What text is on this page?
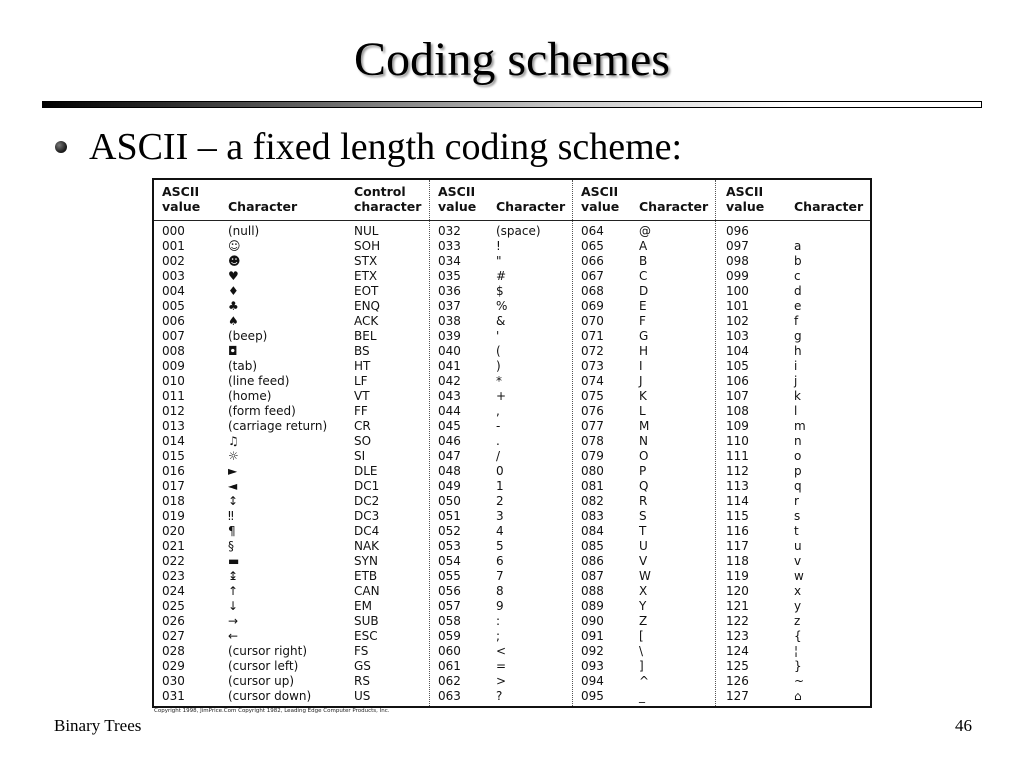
Coding schemes
ASCII – a fixed length coding scheme:
ASCII
value Character
Control
character
000	(null)	NUL
001	☺	SOH
002	☻	STX
003	♥	ETX
004	♦	EOT
005	♣	ENQ
006	♠	ACK
007	(beep)	BEL
008	◘	BS
009	(tab)	HT
010	(line feed)	LF
011	(home)	VT
012	(form feed)	FF
013	(carriage return) CR
014	♫	SO
015	☼	SI
016	►	DLE
017	◄	DC1
018	↕	DC2
019	‼	DC3
020	¶	DC4
021	§	NAK
022	▬	SYN
023	↨	ETB
024	↑	CAN
025	↓	EM
026	→	SUB
027	←	ESC
028	(cursor right)	FS
029	(cursor left)	GS
030	(cursor up)	RS
031	(cursor down)	US
ASCII
value Character
032	(space)
033	!
034	"
035	#
036	$
037	%
038	&
039	'
040	(
041	)
042	*
043	+
044	,
045	-
046	.
047	/
048	0
049	1
050	2
051	3
052	4
053	5
054	6
055	7
056	8
057	9
058	:
059	;
060	<
061	=
062	>
063	?
ASCII
value Character
064	@
065	A
066	B
067	C
068	D
069	E
070	F
071	G
072	H
073	I
074	J
075	K
076	L
077	M
078	N
079	O
080	P
081	Q
082	R
083	S
084	T
085	U
086	V
087	W
088	X
089	Y
090	Z
091	[
092	\
093	]
094	^
095	_
ASCII
value Character
096
097	a
098	b
099	c
100	d
101	e
102	f
103	g
104	h
105	i
106	j
107	k
108	l
109	m
110	n
111	o
112	p
113	q
114	r
115	s
116	t
117	u
118	v
119	w
120	x
121	y
122	z
123	{
124	¦
125	}
126	~
127	⌂
Copyright 1998, JimPrice.Com Copyright 1982, Leading Edge Computer Products, Inc.
Binary Trees	46
